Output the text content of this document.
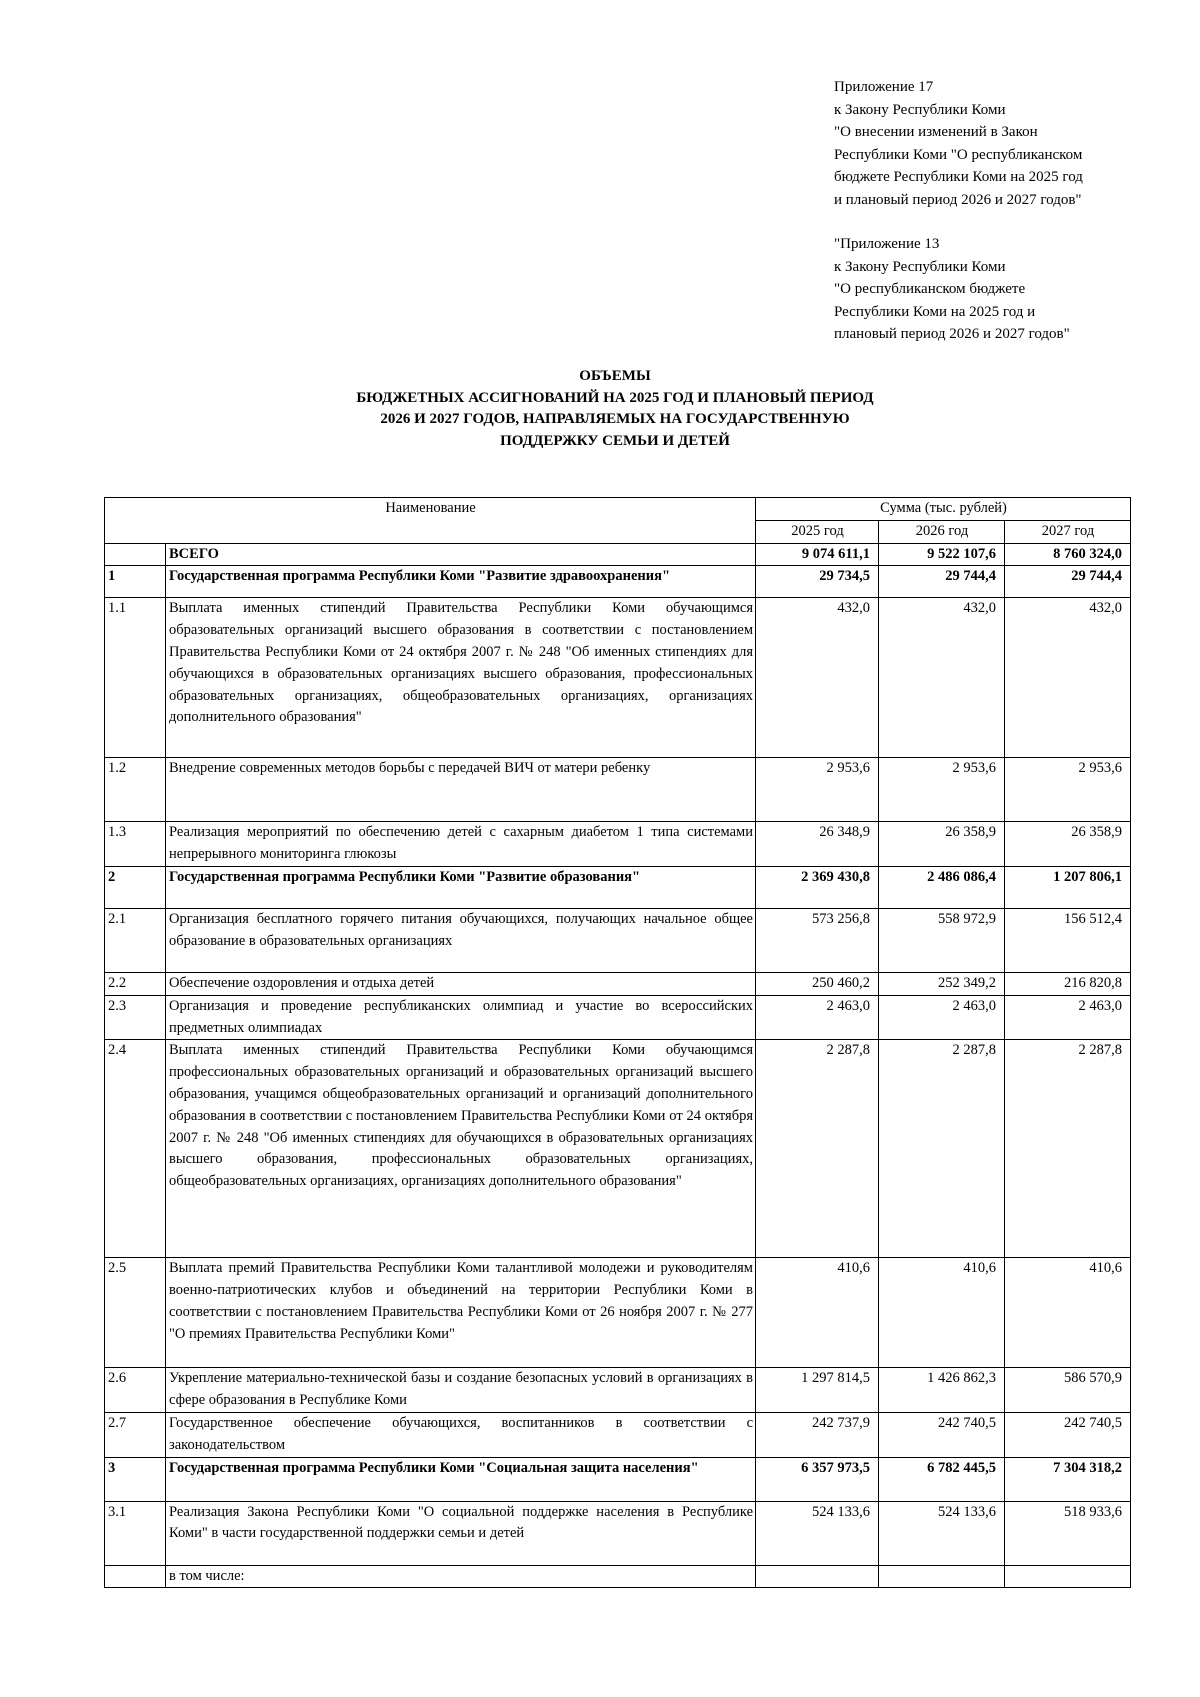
Приложение 17

к Закону Республики Коми

"О внесении изменений в Закон

Республики Коми "О республиканском

бюджете Республики Коми на 2025 год

и плановый период 2026 и 2027 годов"

"Приложение 13

к Закону Республики Коми

"О республиканском бюджете

Республики Коми на 2025 год и

плановый период 2026 и 2027 годов"

ОБЪЕМЫ

БЮДЖЕТНЫХ АССИГНОВАНИЙ НА 2025 ГОД И ПЛАНОВЫЙ ПЕРИОД

2026 И 2027 ГОДОВ, НАПРАВЛЯЕМЫХ НА ГОСУДАРСТВЕННУЮ

ПОДДЕРЖКУ СЕМЬИ И ДЕТЕЙ

Наименование		Сумма (тыс. рублей)		
		2025 год	2026 год	2027 год
	ВСЕГО	9 074 611,1	9 522 107,6	8 760 324,0
1	Государственная программа Республики Коми "Развитие здравоохранения"	29 734,5	29 744,4	29 744,4
1.1	Выплата именных стипендий Правительства Республики Коми обучающимся образовательных организаций высшего образования в соответствии с постановлением Правительства Республики Коми от 24 октября 2007 г. № 248 "Об именных стипендиях для обучающихся в образовательных организациях высшего образования, профессиональных образовательных организациях, общеобразовательных организациях, организациях дополнительного образования"	432,0	432,0	432,0
1.2	Внедрение современных методов борьбы с передачей ВИЧ от матери ребенку	2 953,6	2 953,6	2 953,6
1.3	Реализация мероприятий по обеспечению детей с сахарным диабетом 1 типа системами непрерывного мониторинга глюкозы	26 348,9	26 358,9	26 358,9
2	Государственная программа Республики Коми "Развитие образования"	2 369 430,8	2 486 086,4	1 207 806,1
2.1	Организация бесплатного горячего питания обучающихся, получающих начальное общее образование в образовательных организациях	573 256,8	558 972,9	156 512,4
2.2	Обеспечение оздоровления и отдыха детей	250 460,2	252 349,2	216 820,8
2.3	Организация и проведение республиканских олимпиад и участие во всероссийских предметных олимпиадах	2 463,0	2 463,0	2 463,0
2.4	Выплата именных стипендий Правительства Республики Коми обучающимся профессиональных образовательных организаций и образовательных организаций высшего образования, учащимся общеобразовательных организаций и организаций дополнительного образования в соответствии с постановлением Правительства Республики Коми от 24 октября 2007 г. № 248 "Об именных стипендиях для обучающихся в образовательных организациях высшего образования, профессиональных образовательных организациях, общеобразовательных организациях, организациях дополнительного образования"	2 287,8	2 287,8	2 287,8
2.5	Выплата премий Правительства Республики Коми талантливой молодежи и руководителям военно-патриотических клубов и объединений на территории Республики Коми в соответствии с постановлением Правительства Республики Коми от 26 ноября 2007 г. № 277 "О премиях Правительства Республики Коми"	410,6	410,6	410,6
2.6	Укрепление материально-технической базы и создание безопасных условий в организациях в сфере образования в Республике Коми	1 297 814,5	1 426 862,3	586 570,9
2.7	Государственное обеспечение обучающихся, воспитанников в соответствии с законодательством	242 737,9	242 740,5	242 740,5
3	Государственная программа Республики Коми "Социальная защита населения"	6 357 973,5	6 782 445,5	7 304 318,2
3.1	Реализация Закона Республики Коми "О социальной поддержке населения в Республике Коми" в части государственной поддержки семьи и детей	524 133,6	524 133,6	518 933,6
	в том числе:			
